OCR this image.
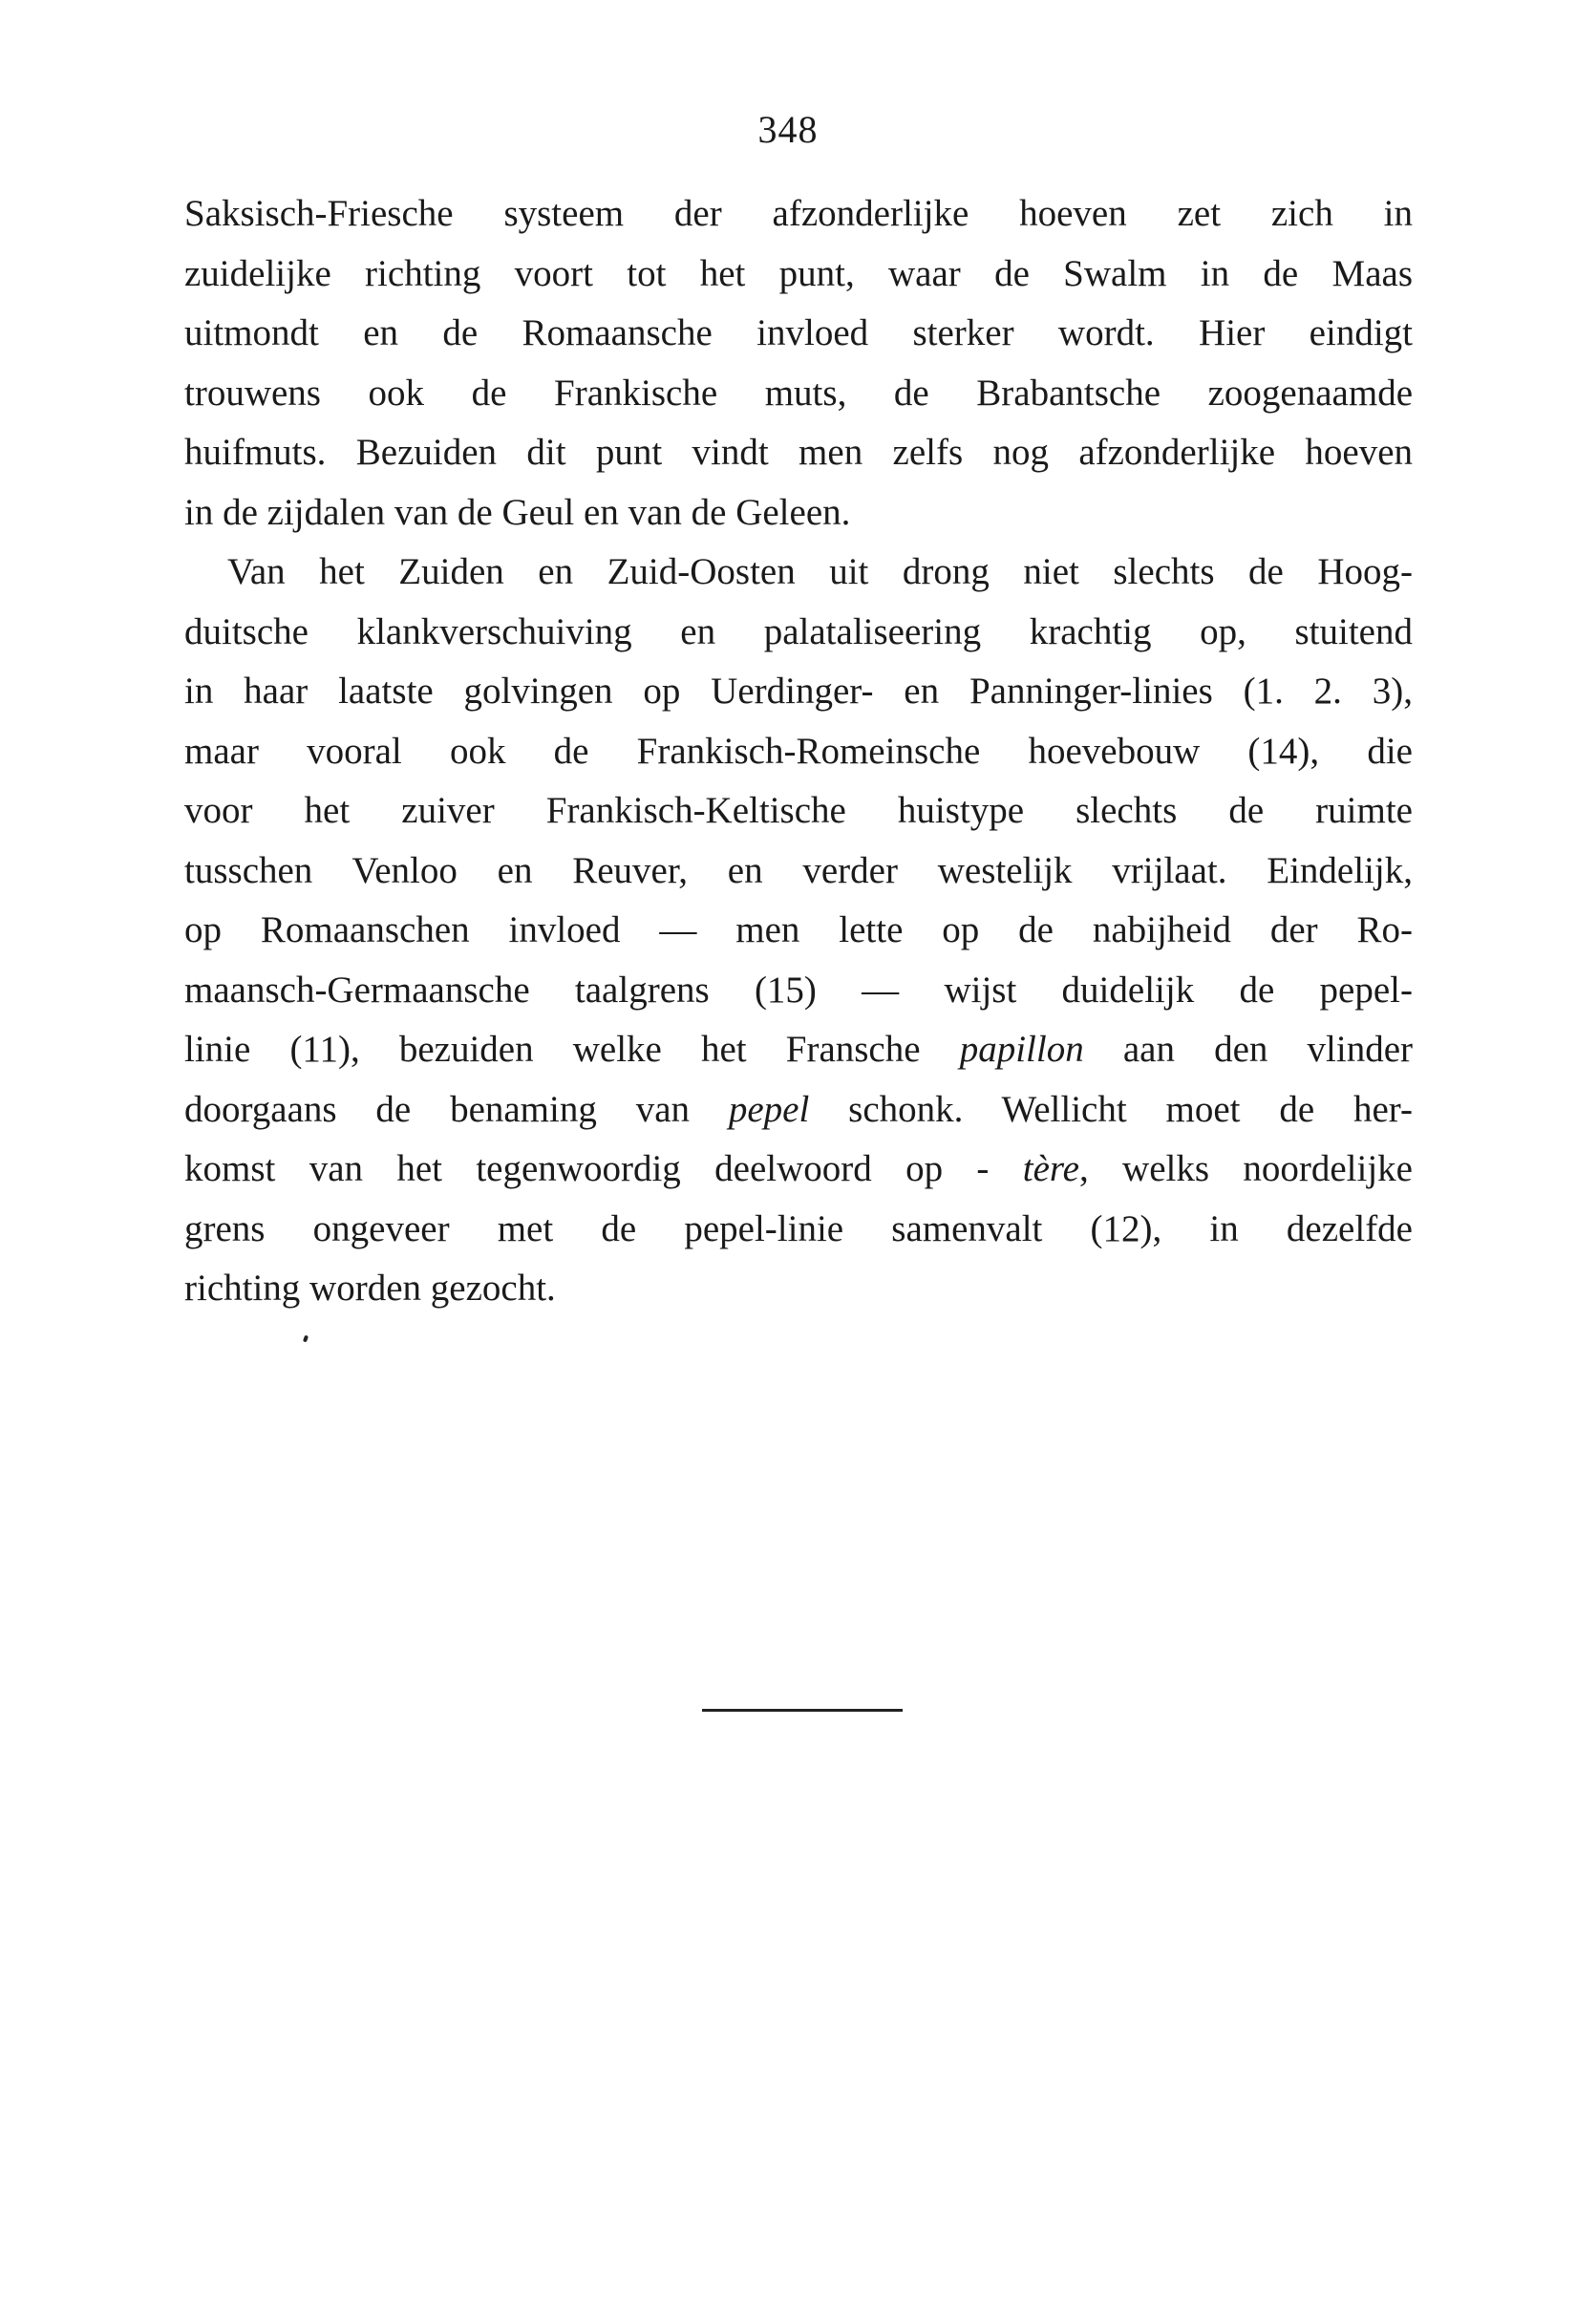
348
Saksisch-Friesche systeem der afzonderlijke hoeven zet zich in
zuidelijke richting voort tot het punt, waar de Swalm in de Maas
uitmondt en de Romaansche invloed sterker wordt. Hier eindigt
trouwens ook de Frankische muts, de Brabantsche zoogenaamde
huifmuts. Bezuiden dit punt vindt men zelfs nog afzonderlijke hoeven
in de zijdalen van de Geul en van de Geleen.
Van het Zuiden en Zuid-Oosten uit drong niet slechts de Hoog-
duitsche klankverschuiving en palataliseering krachtig op, stuitend
in haar laatste golvingen op Uerdinger- en Panninger-linies (1. 2. 3),
maar vooral ook de Frankisch-Romeinsche hoevebouw (14), die
voor het zuiver Frankisch-Keltische huistype slechts de ruimte
tusschen Venloo en Reuver, en verder westelijk vrijlaat. Eindelijk,
op Romaanschen invloed — men lette op de nabijheid der Ro-
maansch-Germaansche taalgrens (15) — wijst duidelijk de pepel-
linie (11), bezuiden welke het Fransche papillon aan den vlinder
doorgaans de benaming van pepel schonk. Wellicht moet de her-
komst van het tegenwoordig deelwoord op - tère, welks noordelijke
grens ongeveer met de pepel-linie samenvalt (12), in dezelfde
richting worden gezocht.
